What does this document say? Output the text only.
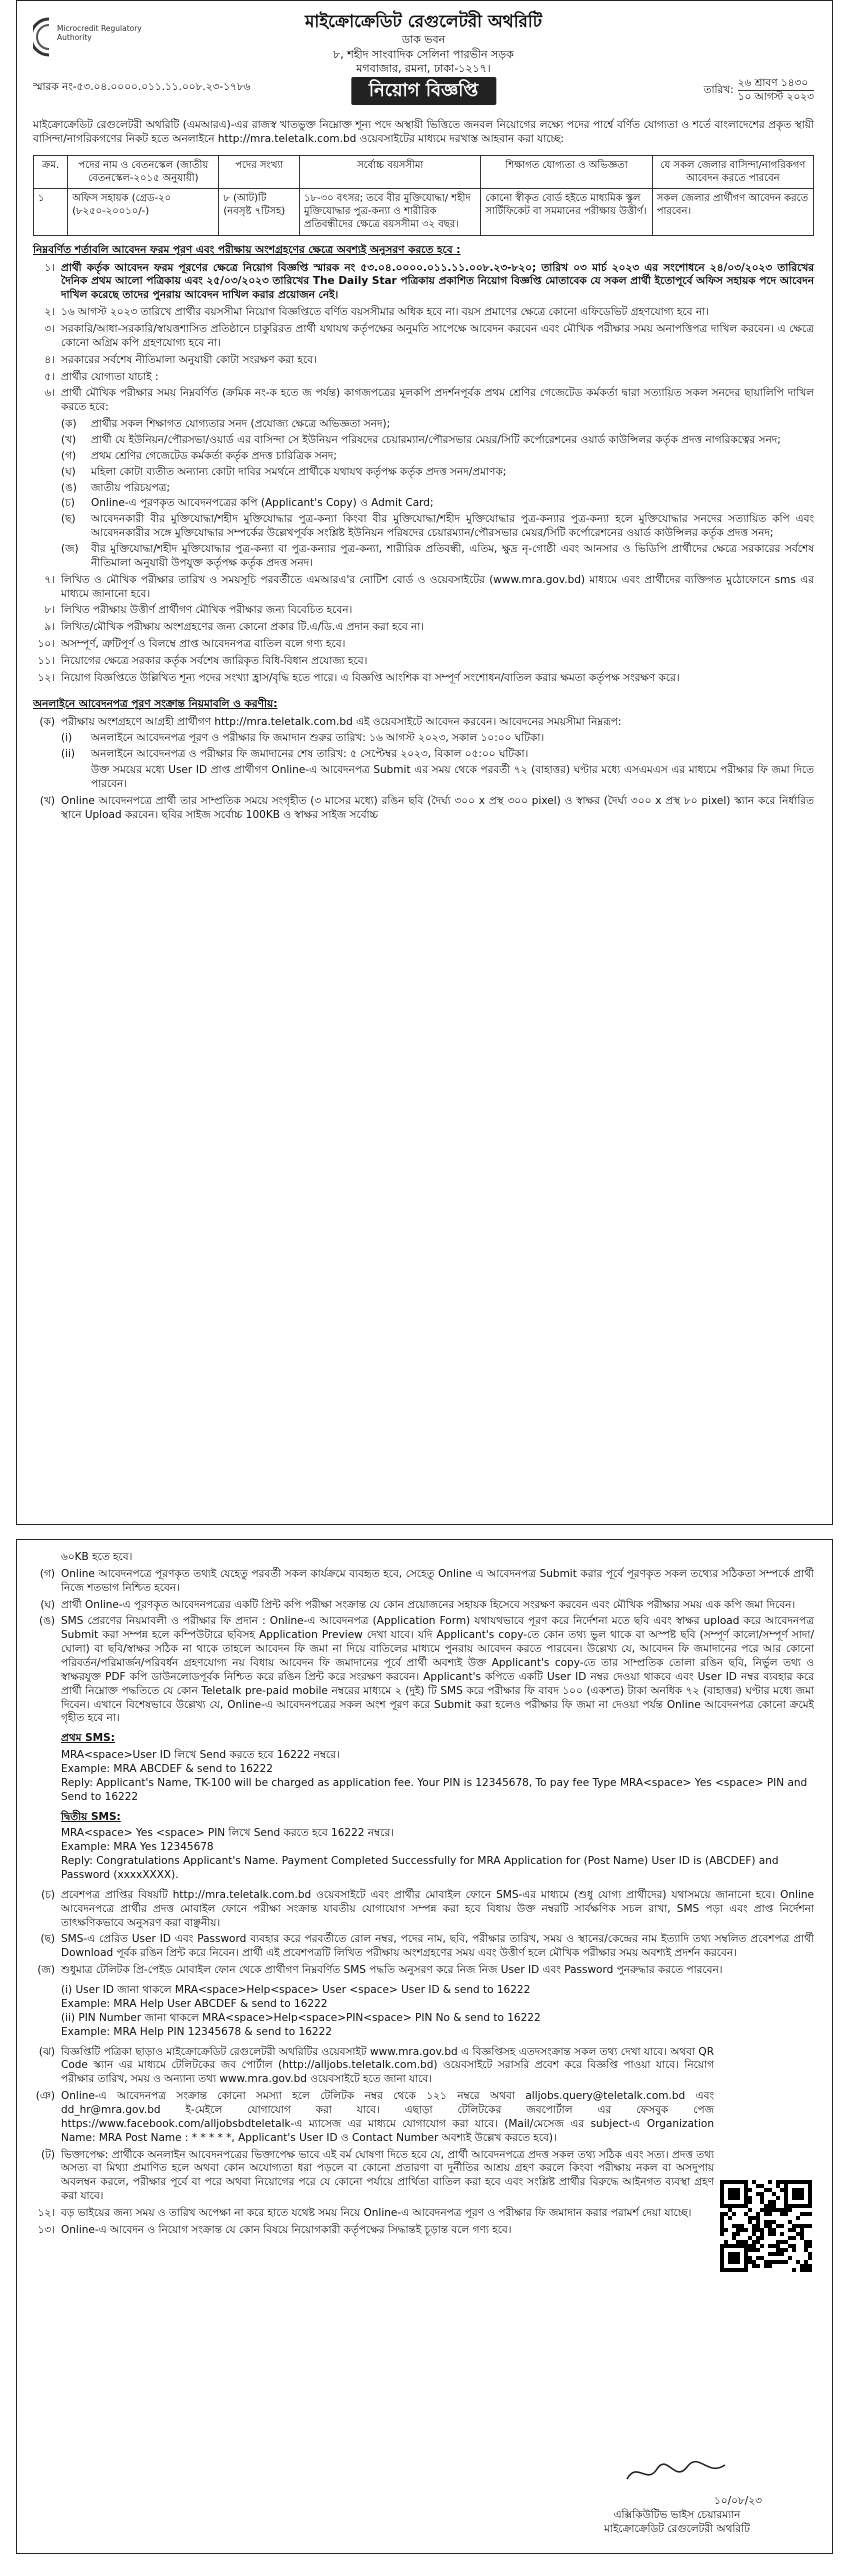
Microcredit Regulatory Authority
মাইক্রোক্রেডিট রেগুলেটরী অথরিটি
ডাক ভবন
৮, শহীদ সাংবাদিক সেলিনা পারভীন সড়ক
মগবাজার, রমনা, ঢাকা-১২১৭।
স্মারক নং-৫৩.০৪.০০০০.০১১.১১.০০৮.২৩-১৭৮৬	নিয়োগ বিজ্ঞপ্তি	তারিখ:
২৬ শ্রাবণ ১৪৩০
১০ আগস্ট ২০২৩
মাইক্রোক্রেডিট রেগুলেটরী অথরিটি (এমআরএ)-এর রাজস্ব খাতভুক্ত নিম্নোক্ত শূন্য পদে অস্থায়ী ভিত্তিতে জনবল নিয়োগের লক্ষ্যে পদের পার্শ্বে বর্ণিত যোগ্যতা ও শর্তে বাংলাদেশের প্রকৃত স্থায়ী বাসিন্দা/নাগরিকগণের নিকট হতে অনলাইনে http://mra.teletalk.com.bd ওয়েবসাইটের মাধ্যমে দরখাস্ত আহবান করা যাচ্ছে:
ক্রম.	পদের নাম ও বেতনস্কেল (জাতীয় বেতনস্কেল-২০১৫ অনুযায়ী)	পদের সংখ্যা	সর্বোচ্চ বয়সসীমা	শিক্ষাগত যোগ্যতা ও অভিজ্ঞতা	যে সকল জেলার বাসিন্দা/নাগরিকগণ আবেদন করতে পারবেন
১	অফিস সহায়ক (গ্রেড-২০ (৮২৫০-২০০১০/-)	৮ (আট)টি (নবসৃষ্ট ৭টিসহ)	১৮-৩০ বৎসর; তবে বীর মুক্তিযোদ্ধা/ শহীদ মুক্তিযোদ্ধার পুত্র-কন্যা ও শারীরিক প্রতিবন্ধীদের ক্ষেত্রে বয়সসীমা ৩২ বছর।	কোনো স্বীকৃত বোর্ড হইতে মাধ্যমিক স্কুল সার্টিফিকেট বা সমমানের পরীক্ষায় উত্তীর্ণ।	সকল জেলার প্রার্থীগণ আবেদন করতে পারবেন।
নিম্নবর্ণিত শর্তাবলি আবেদন ফরম পূরণ এবং পরীক্ষায় অংশগ্রহণের ক্ষেত্রে অবশ্যই অনুসরণ করতে হবে :
১। প্রার্থী কর্তৃক আবেদন ফরম পূরণের ক্ষেত্রে নিয়োগ বিজ্ঞপ্তি স্মারক নং ৫৩.০৪.০০০০.০১১.১১.০০৮.২৩-৮২০; তারিখ ০৩ মার্চ ২০২৩ এর সংশোধনে ২৪/০৩/২০২৩ তারিখের দৈনিক প্রথম আলো পত্রিকায় এবং ২৫/০৩/২০২৩ তারিখের The Daily Star পত্রিকায় প্রকাশিত নিয়োগ বিজ্ঞপ্তি মোতাবেক যে সকল প্রার্থী ইতোপূর্বে অফিস সহায়ক পদে আবেদন দাখিল করেছে তাদের পুনরায় আবেদন দাখিল করার প্রয়োজন নেই।
২। ১৬ আগস্ট ২০২৩ তারিখে প্রার্থীর বয়সসীমা নিয়োগ বিজ্ঞপ্তিতে বর্ণিত বয়সসীমার অধিক হবে না। বয়স প্রমাণের ক্ষেত্রে কোনো এফিডেভিট গ্রহণযোগ্য হবে না।
৩। সরকারি/আধা-সরকারি/স্বায়ত্তশাসিত প্রতিষ্ঠানে চাকুরিরত প্রার্থী যথাযথ কর্তৃপক্ষের অনুমতি সাপেক্ষে আবেদন করবেন এবং মৌখিক পরীক্ষার সময় অনাপত্তিপত্র দাখিল করবেন। এ ক্ষেত্রে কোনো অগ্রিম কপি গ্রহণযোগ্য হবে না।
৪। সরকারের সর্বশেষ নীতিমালা অনুযায়ী কোটা সংরক্ষণ করা হবে।
৫। প্রার্থীর যোগ্যতা যাচাই :
৬। প্রার্থী মৌখিক পরীক্ষার সময় নিম্নবর্ণিত (ক্রমিক নং-ক হতে জ পর্যন্ত) কাগজপত্রের মূলকপি প্রদর্শনপূর্বক প্রথম শ্রেণির গেজেটেড কর্মকর্তা দ্বারা সত্যায়িত সকল সনদের ছায়ালিপি দাখিল করতে হবে:
(ক)	প্রার্থীর সকল শিক্ষাগত যোগ্যতার সনদ (প্রযোজ্য ক্ষেত্রে অভিজ্ঞতা সনদ);
(খ)	প্রার্থী যে ইউনিয়ন/পৌরসভা/ওয়ার্ড এর বাসিন্দা সে ইউনিয়ন পরিষদের চেয়ারম্যান/পৌরসভার মেয়র/সিটি কর্পোরেশনের ওয়ার্ড কাউন্সিলর কর্তৃক প্রদত্ত নাগরিকত্বের সনদ;
(গ)	প্রথম শ্রেণির গেজেটেড কর্মকর্তা কর্তৃক প্রদত্ত চারিত্রিক সনদ;
(ঘ)	মহিলা কোটা ব্যতীত অন্যান্য কোটা দাবির সমর্থনে প্রার্থীকে যথাযথ কর্তৃপক্ষ কর্তৃক প্রদত্ত সনদ/প্রমাণক;
(ঙ)	জাতীয় পরিচয়পত্র;
(চ)	Online-এ পূরণকৃত আবেদনপত্রের কপি (Applicant's Copy) ও Admit Card;
(ছ)	আবেদনকারী বীর মুক্তিযোদ্ধা/শহীদ মুক্তিযোদ্ধার পুত্র-কন্যা কিংবা বীর মুক্তিযোদ্ধা/শহীদ মুক্তিযোদ্ধার পুত্র-কন্যার পুত্র-কন্যা হলে মুক্তিযোদ্ধার সনদের সত্যায়িত কপি এবং আবেদনকারীর সঙ্গে মুক্তিযোদ্ধার সম্পর্কের উল্লেখপূর্বক সংশ্লিষ্ট ইউনিয়ন পরিষদের চেয়ারম্যান/পৌরসভার মেয়র/সিটি কর্পোরেশনের ওয়ার্ড কাউন্সিলর কর্তৃক প্রদত্ত সনদ;
(জ)	বীর মুক্তিযোদ্ধা/শহীদ মুক্তিযোদ্ধার পুত্র-কন্যা বা পুত্র-কন্যার পুত্র-কন্যা, শারীরিক প্রতিবন্ধী, এতিম, ক্ষুদ্র নৃ-গোষ্ঠী এবং আনসার ও ভিডিপি প্রার্থীদের ক্ষেত্রে সরকারের সর্বশেষ নীতিমালা অনুযায়ী উপযুক্ত কর্তৃপক্ষ কর্তৃক প্রদত্ত সনদ।
৭। লিখিত ও মৌখিক পরীক্ষার তারিখ ও সময়সূচি পরবর্তীতে এমআরএ'র নোটিশ বোর্ড ও ওয়েবসাইটের (www.mra.gov.bd) মাধ্যমে এবং প্রার্থীদের ব্যক্তিগত মুঠোফোনে sms এর মাধ্যমে জানানো হবে।
৮। লিখিত পরীক্ষায় উত্তীর্ণ প্রার্থীগণ মৌখিক পরীক্ষার জন্য বিবেচিত হবেন।
৯। লিখিত/মৌখিক পরীক্ষায় অংশগ্রহণের জন্য কোনো প্রকার টি.এ/ডি.এ প্রদান করা হবে না।
১০। অসম্পূর্ণ, ত্রুটিপূর্ণ ও বিলম্বে প্রাপ্ত আবেদনপত্র বাতিল বলে গণ্য হবে।
১১। নিয়োগের ক্ষেত্রে সরকার কর্তৃক সর্বশেষ জারিকৃত বিধি-বিধান প্রযোজ্য হবে।
১২। নিয়োগ বিজ্ঞপ্তিতে উল্লিখিত শূন্য পদের সংখ্যা হ্রাস/বৃদ্ধি হতে পারে। এ বিজ্ঞপ্তি আংশিক বা সম্পূর্ণ সংশোধন/বাতিল করার ক্ষমতা কর্তৃপক্ষ সংরক্ষণ করে।
অনলাইনে আবেদনপত্র পূরণ সংক্রান্ত নিয়মাবলি ও করণীয়:
(ক) পরীক্ষায় অংশগ্রহণে আগ্রহী প্রার্থীগণ http://mra.teletalk.com.bd এই ওয়েবসাইটে আবেদন করবেন। আবেদনের সময়সীমা নিম্নরূপ:
(i)	অনলাইনে আবেদনপত্র পূরণ ও পরীক্ষার ফি জমাদান শুরুর তারিখ: ১৬ আগস্ট ২০২৩, সকাল ১০:০০ ঘটিকা।
(ii)	অনলাইনে আবেদনপত্র ও পরীক্ষার ফি জমাদানের শেষ তারিখ: ৫ সেপ্টেম্বর ২০২৩, বিকাল ০৫:০০ ঘটিকা।
উক্ত সময়ের মধ্যে User ID প্রাপ্ত প্রার্থীগণ Online-এ আবেদনপত্র Submit এর সময় থেকে পরবর্তী ৭২ (বাহাত্তর) ঘণ্টার মধ্যে এসএমএস এর মাধ্যমে পরীক্ষার ফি জমা দিতে পারবেন।
(খ) Online আবেদনপত্রে প্রার্থী তার সাম্প্রতিক সময়ে সংগৃহীত (৩ মাসের মধ্যে) রঙিন ছবি (দৈর্ঘ্য ৩০০ x প্রস্থ ৩০০ pixel) ও স্বাক্ষর (দৈর্ঘ্য ৩০০ x প্রস্থ ৮০ pixel) স্ক্যান করে নির্ধারিত স্থানে Upload করবেন। ছবির সাইজ সর্বোচ্চ 100KB ও স্বাক্ষর সাইজ সর্বোচ্চ
৬০KB হতে হবে।
(গ) Online আবেদনপত্রে পূরণকৃত তথ্যই যেহেতু পরবর্তী সকল কার্যক্রমে ব্যবহৃত হবে, সেহেতু Online এ আবেদনপত্র Submit করার পূর্বে পূরণকৃত সকল তথ্যের সঠিকতা সম্পর্কে প্রার্থী নিজে শতভাগ নিশ্চিত হবেন।
(ঘ) প্রার্থী Online-এ পূরণকৃত আবেদনপত্রের একটি প্রিন্ট কপি পরীক্ষা সংক্রান্ত যে কোন প্রয়োজনের সহায়ক হিসেবে সংরক্ষণ করবেন এবং মৌখিক পরীক্ষার সময় এক কপি জমা দিবেন।
(ঙ) SMS প্রেরণের নিয়মাবলী ও পরীক্ষার ফি প্রদান : Online-এ আবেদনপত্র (Application Form) যথাযথভাবে পূরণ করে নির্দেশনা মতে ছবি এবং স্বাক্ষর upload করে আবেদনপত্র Submit করা সম্পন্ন হলে কম্পিউটারে ছবিসহ Application Preview দেখা যাবে। যদি Applicant's copy-তে কোন তথ্য ভুল থাকে বা অস্পষ্ট ছবি (সম্পূর্ণ কালো/সম্পূর্ণ সাদা/ঘোলা) বা ছবি/স্বাক্ষর সঠিক না থাকে তাহলে আবেদন ফি জমা না দিয়ে বাতিলের মাধ্যমে পুনরায় আবেদন করতে পারবেন। উল্লেখ্য যে, আবেদন ফি জমাদানের পরে আর কোনো পরিবর্তন/পরিমার্জন/পরিবর্ধন গ্রহণযোগ্য নয় বিধায় আবেদন ফি জমাদানের পূর্বে প্রার্থী অবশ্যই উক্ত Applicant's copy-তে তার সাম্প্রতিক তোলা রঙিন ছবি, নির্ভুল তথ্য ও স্বাক্ষরযুক্ত PDF কপি ডাউনলোডপূর্বক নিশ্চিত করে রঙিন প্রিন্ট করে সংরক্ষণ করবেন। Applicant's কপিতে একটি User ID নম্বর দেওয়া থাকবে এবং User ID নম্বর ব্যবহার করে প্রার্থী নিম্নোক্ত পদ্ধতিতে যে কোন Teletalk pre-paid mobile নম্বরের মাধ্যমে ২ (দুই) টি SMS করে পরীক্ষার ফি বাবদ ১০০ (একশত) টাকা অনধিক ৭২ (বাহাত্তর) ঘণ্টার মধ্যে জমা দিবেন। এখানে বিশেষভাবে উল্লেখ্য যে, Online-এ আবেদনপত্রের সকল অংশ পূরণ করে Submit করা হলেও পরীক্ষার ফি জমা না দেওয়া পর্যন্ত Online আবেদনপত্র কোনো ক্রমেই গৃহীত হবে না।
প্রথম SMS:
MRA<space>User ID লিখে Send করতে হবে 16222 নম্বরে।
Example: MRA ABCDEF & send to 16222
Reply: Applicant's Name, TK-100 will be charged as application fee. Your PIN is 12345678, To pay fee Type MRA<space> Yes <space> PIN and Send to 16222
দ্বিতীয় SMS:
MRA<space> Yes <space> PIN লিখে Send করতে হবে 16222 নম্বরে।
Example: MRA Yes 12345678
Reply: Congratulations Applicant's Name. Payment Completed Successfully for MRA Application for (Post Name) User ID is (ABCDEF) and Password (xxxxXXXX).
(চ) প্রবেশপত্র প্রাপ্তির বিষয়টি http://mra.teletalk.com.bd ওয়েবসাইটে এবং প্রার্থীর মোবাইল ফোনে SMS-এর মাধ্যমে (শুধু যোগ্য প্রার্থীদের) যথাসময়ে জানানো হবে। Online আবেদনপত্রে প্রার্থীর প্রদত্ত মোবাইল ফোনে পরীক্ষা সংক্রান্ত যাবতীয় যোগাযোগ সম্পন্ন করা হবে বিধায় উক্ত নম্বরটি সার্বক্ষণিক সচল রাখা, SMS পড়া এবং প্রাপ্ত নির্দেশনা তাৎক্ষণিকভাবে অনুসরণ করা বাঞ্ছনীয়।
(ছ) SMS-এ প্রেরিত User ID এবং Password ব্যবহার করে পরবর্তীতে রোল নম্বর, পদের নাম, ছবি, পরীক্ষার তারিখ, সময় ও স্থানের/কেন্দ্রের নাম ইত্যাদি তথ্য সম্বলিত প্রবেশপত্র প্রার্থী Download পূর্বক রঙিন প্রিন্ট করে নিবেন। প্রার্থী এই প্রবেশপত্রটি লিখিত পরীক্ষায় অংশগ্রহণের সময় এবং উত্তীর্ণ হলে মৌখিক পরীক্ষার সময় অবশ্যই প্রদর্শন করবেন।
(জ) শুধুমাত্র টেলিটক প্রি-পেইড মোবাইল ফোন থেকে প্রার্থীগণ নিম্নবর্ণিত SMS পদ্ধতি অনুসরণ করে নিজ নিজ User ID এবং Password পুনরুদ্ধার করতে পারবেন।
(i) User ID জানা থাকলে MRA<space>Help<space> User <space> User ID & send to 16222
Example: MRA Help User ABCDEF & send to 16222
(ii) PIN Number জানা থাকলে MRA<space>Help<space>PIN<space> PIN No & send to 16222
Example: MRA Help PIN 12345678 & send to 16222
(ঝ) বিজ্ঞপ্তিটি পত্রিকা ছাড়াও মাইক্রোক্রেডিট রেগুলেটরী অথরিটির ওয়েবসাইট www.mra.gov.bd এ বিজ্ঞপ্তিসহ এতদসংক্রান্ত সকল তথ্য দেখা যাবে। অথবা QR Code স্ক্যান এর মাধ্যমে টেলিটকের জব পোর্টাল (http://alljobs.teletalk.com.bd) ওয়েবসাইটে সরাসরি প্রবেশ করে বিজ্ঞপ্তি পাওয়া যাবে। নিয়োগ পরীক্ষার তারিখ, সময় ও অন্যান্য তথ্য www.mra.gov.bd ওয়েবসাইটে হতে জানা যাবে।
(ঞ) Online-এ আবেদনপত্র সংক্রান্ত কোনো সমস্যা হলে টেলিটক নম্বর থেকে ১২১ নম্বরে অথবা alljobs.query@teletalk.com.bd এবং dd_hr@mra.gov.bd ই-মেইলে যোগাযোগ করা যাবে। এছাড়া টেলিটকের জবপোর্টাল এর ফেসবুক পেজ https://www.facebook.com/alljobsbdteletalk-এ ম্যাসেজ এর মাধ্যমে যোগাযোগ করা যাবে। (Mail/মেসেজ এর subject-এ Organization Name: MRA Post Name : * * * * *, Applicant's User ID ও Contact Number অবশ্যই উল্লেখ করতে হবে)।
(ট) ভিক্তাপেক্ষ: প্রার্থীকে অনলাইন আবেদনপত্রের ভিক্তাপেক্ষ ভাবে এই বর্ম ঘোষণা দিতে হবে যে, প্রার্থী আবেদনপত্রে প্রদত্ত সকল তথ্য সঠিক এবং সত্য। প্রদত্ত তথ্য অসত্য বা মিথ্যা প্রমাণিত হলে অথবা কোন অযোগ্যতা ধরা পড়লে বা কোনো প্রতারণা বা দুর্নীতির আশ্রয় গ্রহণ করলে কিংবা পরীক্ষায় নকল বা অসদুপায় অবলম্বন করলে, পরীক্ষার পূর্বে বা পরে অথবা নিয়োগের পরে যে কোনো পর্যায়ে প্রার্থিতা বাতিল করা হবে এবং সংশ্লিষ্ট প্রার্থীর বিরুদ্ধে আইনগত ব্যবস্থা গ্রহণ করা যাবে।
১২। বড় ভাইয়ের জন্য সময় ও তারিখ অপেক্ষা না করে হাতে যথেষ্ট সময় নিয়ে Online-এ আবেদনপত্র পূরণ ও পরীক্ষার ফি জমাদান করার পরামর্শ দেয়া যাচ্ছে।
১৩। Online-এ আবেদন ও নিয়োগ সংক্রান্ত যে কোন বিষয়ে নিয়োগকারী কর্তৃপক্ষের সিদ্ধান্তই চূড়ান্ত বলে গণ্য হবে।
১০/০৮/২৩
এক্সিকিউটিভ ভাইস চেয়ারম্যান
মাইক্রোক্রেডিট রেগুলেটরী অথরিটি
